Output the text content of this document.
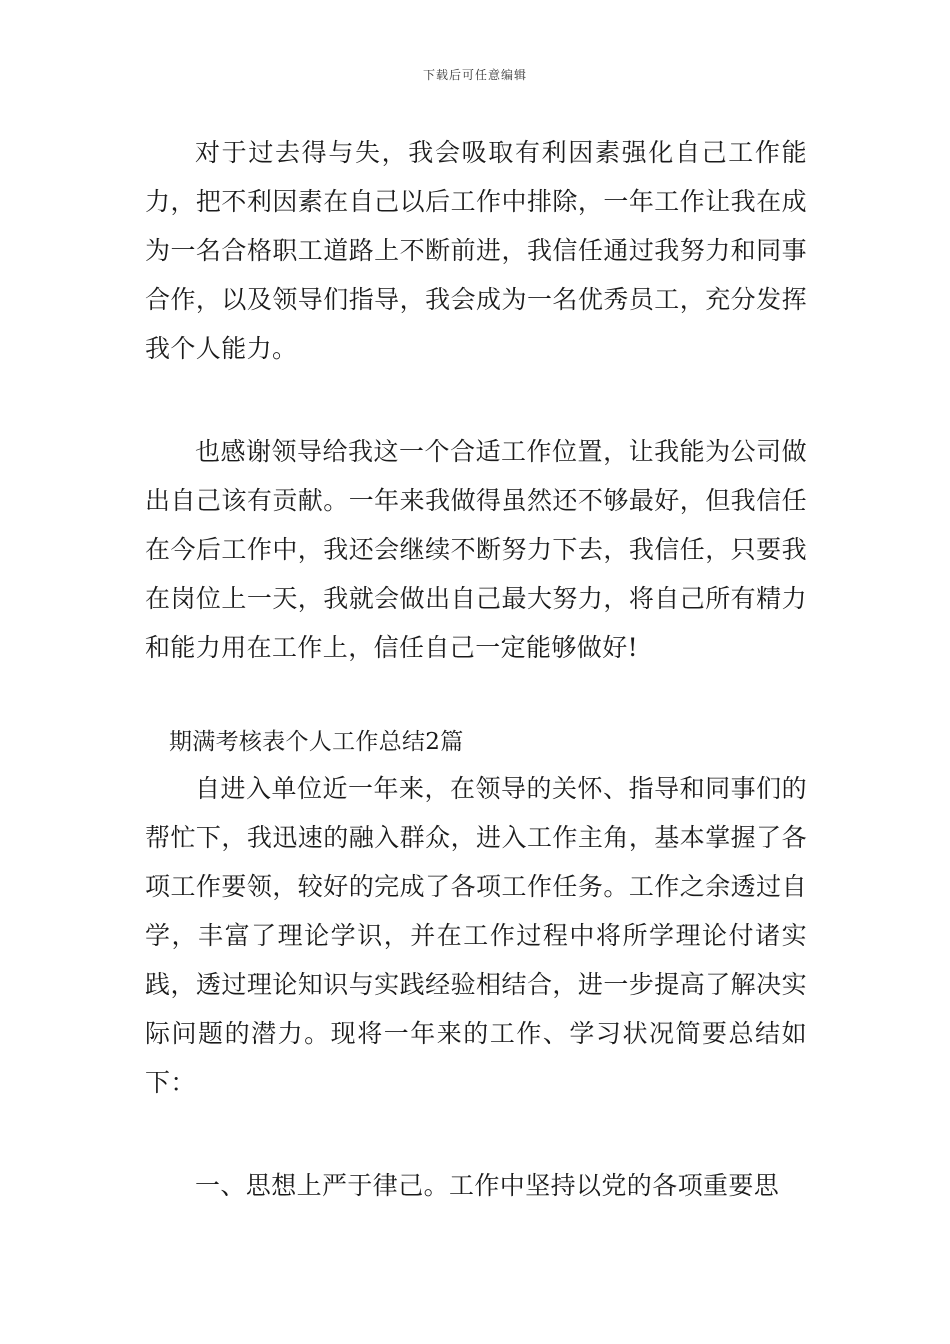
下载后可任意编辑

对于过去得与失，我会吸取有利因素强化自己工作能力，把不利因素在自己以后工作中排除，一年工作让我在成为一名合格职工道路上不断前进，我信任通过我努力和同事合作，以及领导们指导，我会成为一名优秀员工，充分发挥我个人能力。

也感谢领导给我这一个合适工作位置，让我能为公司做出自己该有贡献。一年来我做得虽然还不够最好，但我信任在今后工作中，我还会继续不断努力下去，我信任，只要我在岗位上一天，我就会做出自己最大努力，将自己所有精力和能力用在工作上，信任自己一定能够做好!

期满考核表个人工作总结2篇

自进入单位近一年来，在领导的关怀、指导和同事们的帮忙下，我迅速的融入群众，进入工作主角，基本掌握了各项工作要领，较好的完成了各项工作任务。工作之余透过自学，丰富了理论学识，并在工作过程中将所学理论付诸实践，透过理论知识与实践经验相结合，进一步提高了解决实际问题的潜力。现将一年来的工作、学习状况简要总结如下：

一、思想上严于律己。工作中坚持以党的各项重要思
